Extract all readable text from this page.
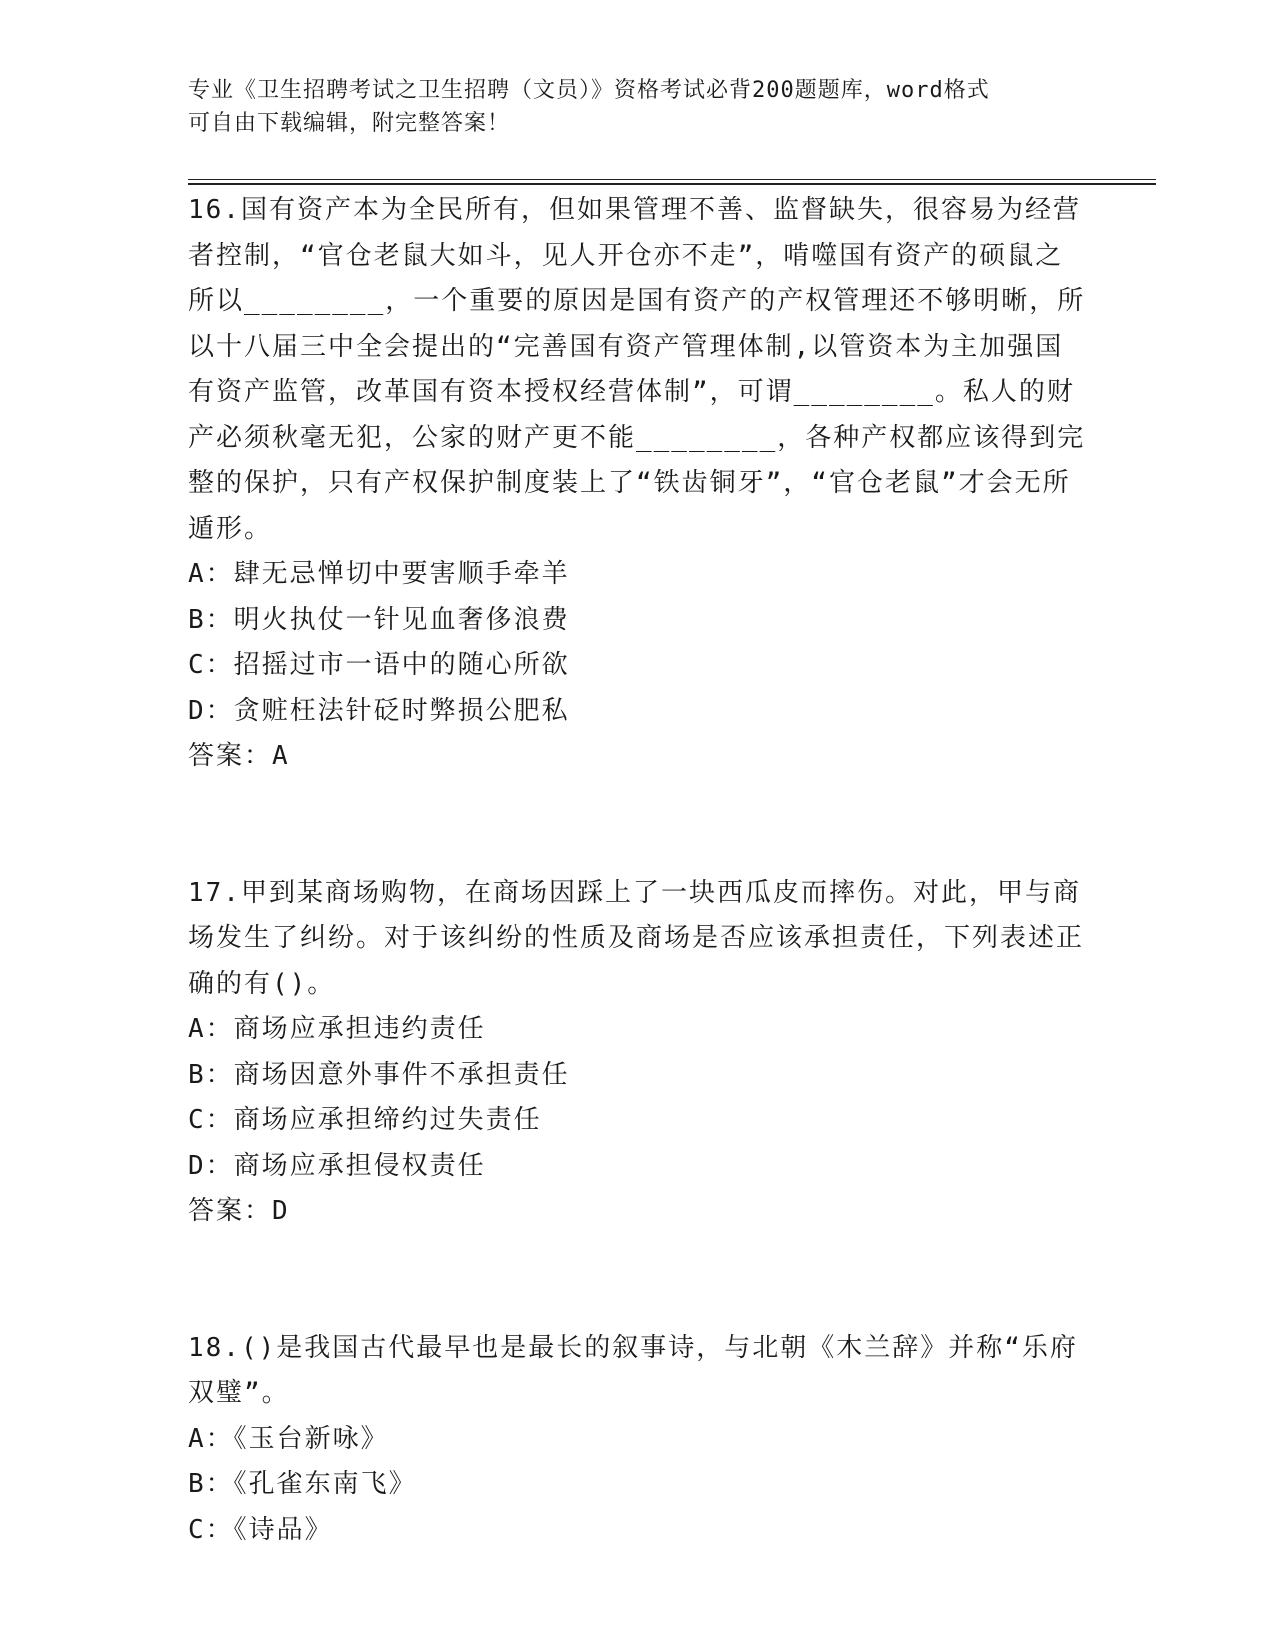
专业《卫生招聘考试之卫生招聘（文员）》资格考试必背200题题库，word格式
可自由下载编辑，附完整答案！
16.国有资产本为全民所有，但如果管理不善、监督缺失，很容易为经营者控制，“官仓老鼠大如斗，见人开仓亦不走”，啃噬国有资产的硕鼠之所以________，一个重要的原因是国有资产的产权管理还不够明晰，所以十八届三中全会提出的“完善国有资产管理体制,以管资本为主加强国有资产监管，改革国有资本授权经营体制”，可谓________。私人的财产必须秋毫无犯，公家的财产更不能________，各种产权都应该得到完整的保护，只有产权保护制度装上了“铁齿铜牙”，“官仓老鼠”才会无所遁形。
A：肆无忌惮切中要害顺手牵羊
B：明火执仗一针见血奢侈浪费
C：招摇过市一语中的随心所欲
D：贪赃枉法针砭时弊损公肥私
答案：A
17.甲到某商场购物，在商场因踩上了一块西瓜皮而摔伤。对此，甲与商场发生了纠纷。对于该纠纷的性质及商场是否应该承担责任，下列表述正确的有()。
A：商场应承担违约责任
B：商场因意外事件不承担责任
C：商场应承担缔约过失责任
D：商场应承担侵权责任
答案：D
18.()是我国古代最早也是最长的叙事诗，与北朝《木兰辞》并称“乐府双璧”。
A：《玉台新咏》
B：《孔雀东南飞》
C：《诗品》
